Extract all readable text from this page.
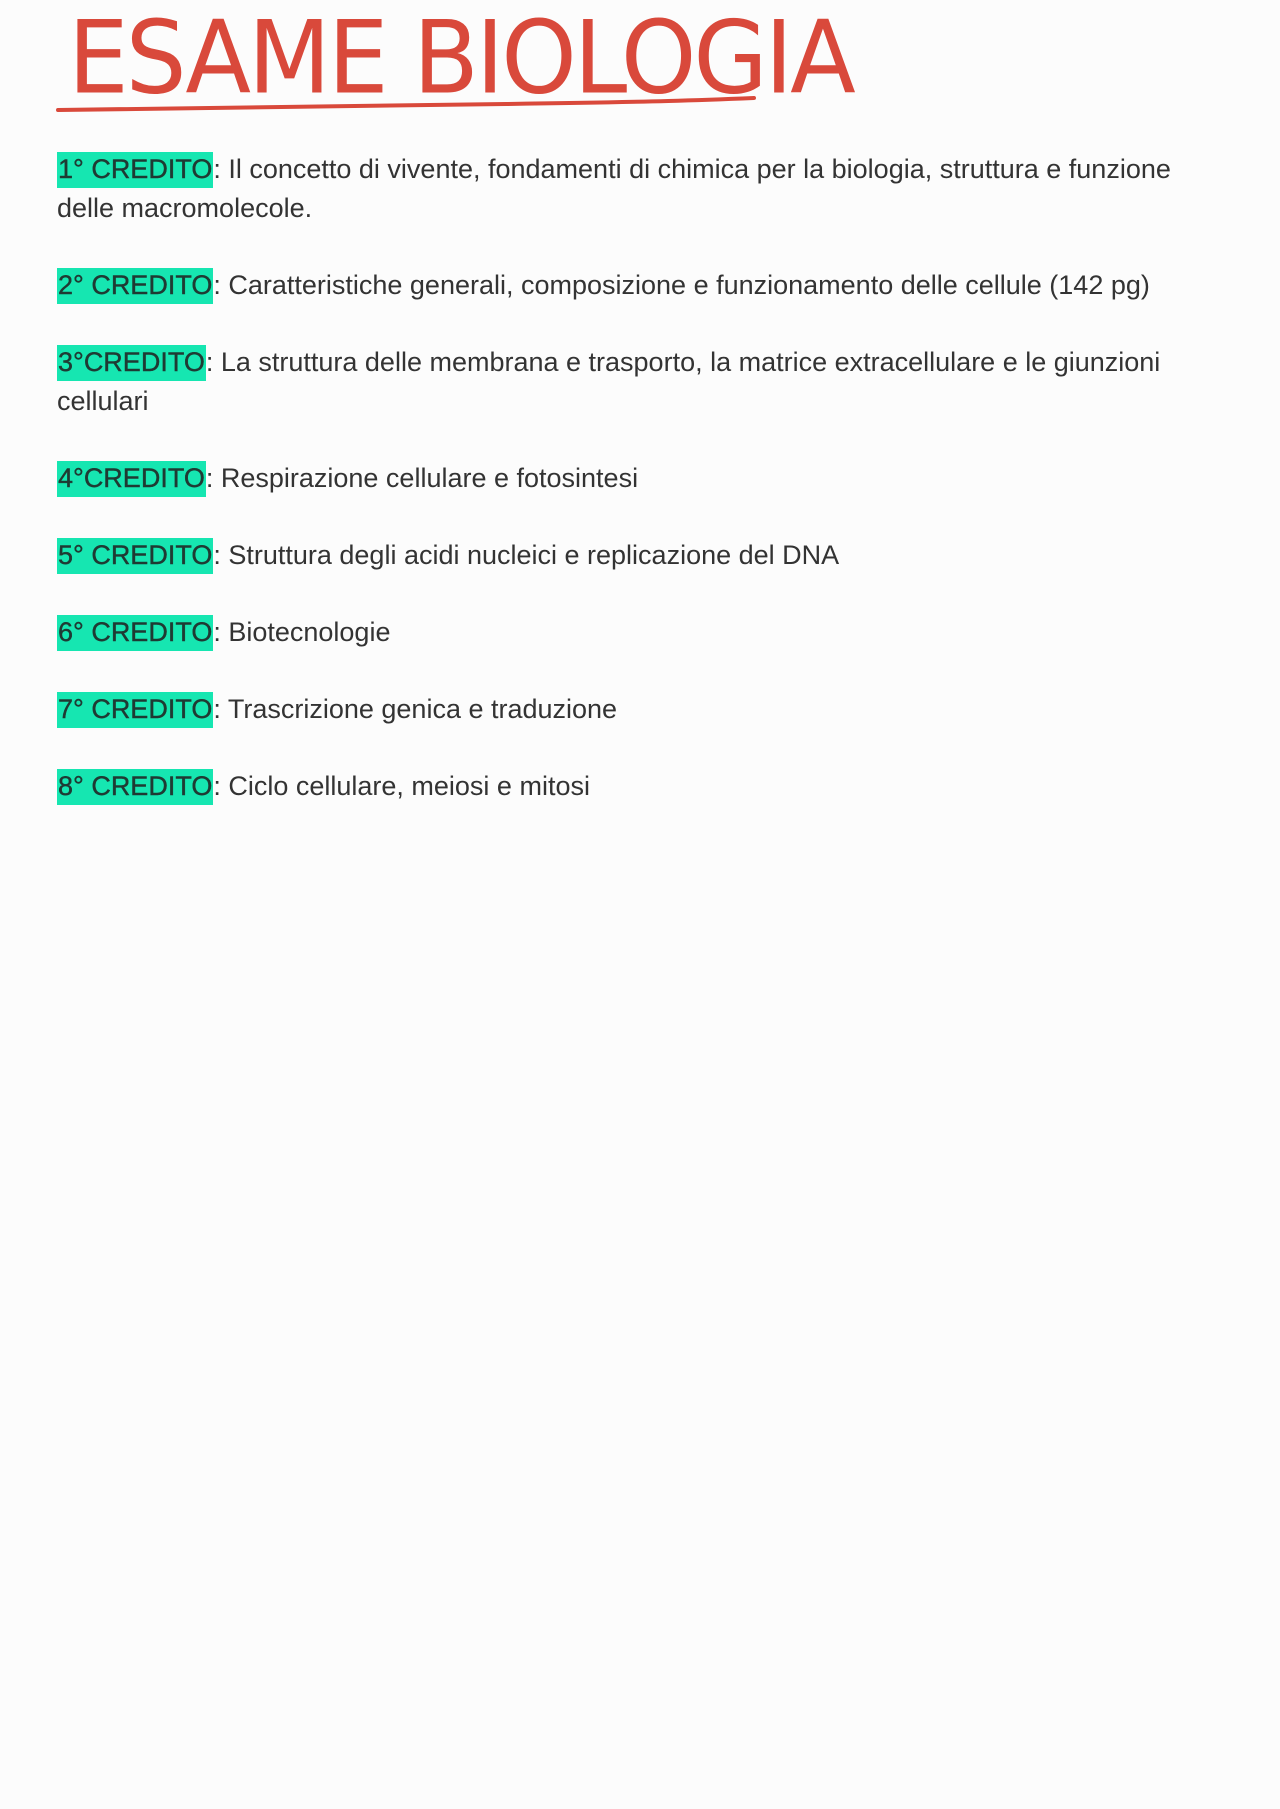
ESAME BIOLOGIA
1° CREDITO: Il concetto di vivente, fondamenti di chimica per la biologia, struttura e funzione delle macromolecole.
2° CREDITO: Caratteristiche generali, composizione e funzionamento delle cellule (142 pg)
3°CREDITO: La struttura delle membrana e trasporto, la matrice extracellulare e le giunzioni cellulari
4°CREDITO: Respirazione cellulare e fotosintesi
5° CREDITO: Struttura degli acidi nucleici e replicazione del DNA
6° CREDITO: Biotecnologie
7° CREDITO: Trascrizione genica e traduzione
8° CREDITO: Ciclo cellulare, meiosi e mitosi
